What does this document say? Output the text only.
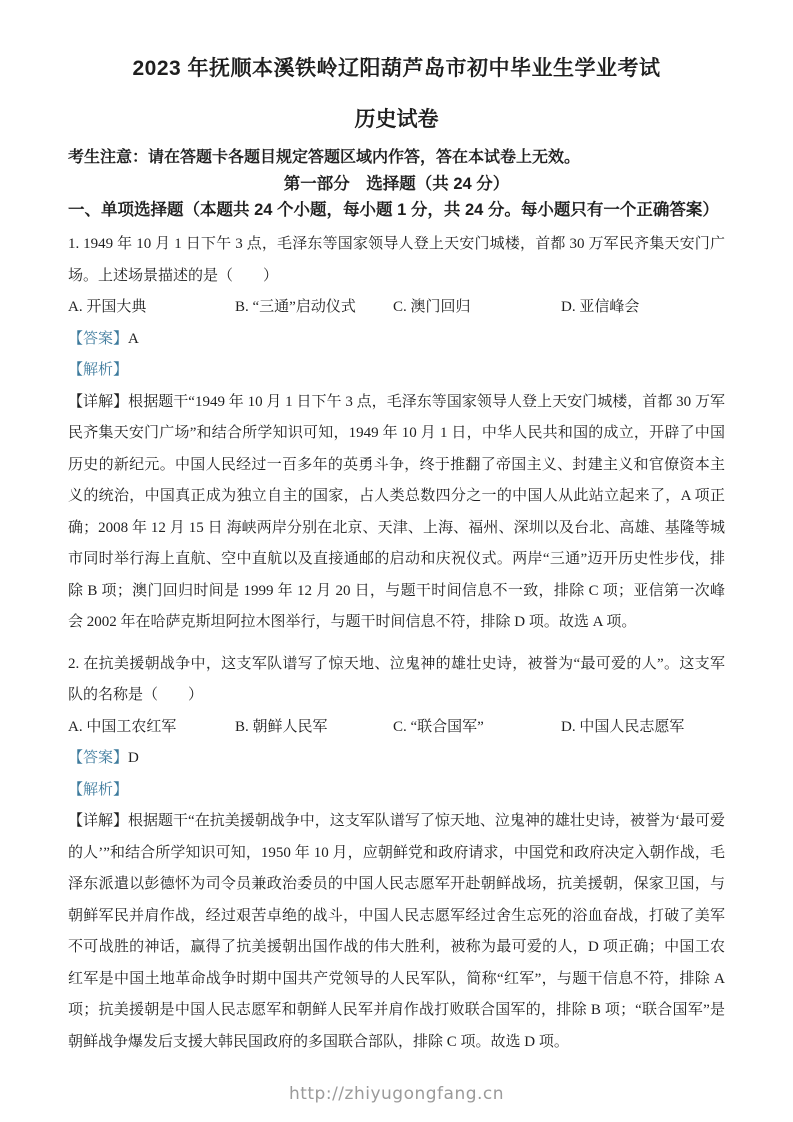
2023 年抚顺本溪铁岭辽阳葫芦岛市初中毕业生学业考试
历史试卷

考生注意：请在答题卡各题目规定答题区域内作答，答在本试卷上无效。

第一部分　选择题（共 24 分）

一、单项选择题（本题共 24 个小题，每小题 1 分，共 24 分。每小题只有一个正确答案）

1. 1949 年 10 月 1 日下午 3 点，毛泽东等国家领导人登上天安门城楼，首都 30 万军民齐集天安门广场。上述场景描述的是（　　）

A. 开国大典	B. “三通”启动仪式	C. 澳门回归	D. 亚信峰会

【答案】A

【解析】

【详解】根据题干“1949 年 10 月 1 日下午 3 点，毛泽东等国家领导人登上天安门城楼，首都 30 万军民齐集天安门广场”和结合所学知识可知，1949 年 10 月 1 日，中华人民共和国的成立，开辟了中国历史的新纪元。中国人民经过一百多年的英勇斗争，终于推翻了帝国主义、封建主义和官僚资本主义的统治，中国真正成为独立自主的国家，占人类总数四分之一的中国人从此站立起来了，A 项正确；2008 年 12 月 15 日 海峡两岸分别在北京、天津、上海、福州、深圳以及台北、高雄、基隆等城市同时举行海上直航、空中直航以及直接通邮的启动和庆祝仪式。两岸“三通”迈开历史性步伐，排除 B 项；澳门回归时间是 1999 年 12 月 20 日，与题干时间信息不一致，排除 C 项；亚信第一次峰会 2002 年在哈萨克斯坦阿拉木图举行，与题干时间信息不符，排除 D 项。故选 A 项。

2. 在抗美援朝战争中，这支军队谱写了惊天地、泣鬼神的雄壮史诗，被誉为“最可爱的人”。这支军队的名称是（　　）

A. 中国工农红军	B. 朝鲜人民军	C. “联合国军”	D. 中国人民志愿军

【答案】D

【解析】

【详解】根据题干“在抗美援朝战争中，这支军队谱写了惊天地、泣鬼神的雄壮史诗，被誉为‘最可爱的人’”和结合所学知识可知，1950 年 10 月，应朝鲜党和政府请求，中国党和政府决定入朝作战，毛泽东派遣以彭德怀为司令员兼政治委员的中国人民志愿军开赴朝鲜战场，抗美援朝，保家卫国，与朝鲜军民并肩作战，经过艰苦卓绝的战斗，中国人民志愿军经过舍生忘死的浴血奋战，打破了美军不可战胜的神话，赢得了抗美援朝出国作战的伟大胜利，被称为最可爱的人，D 项正确；中国工农红军是中国土地革命战争时期中国共产党领导的人民军队，简称“红军”，与题干信息不符，排除 A 项；抗美援朝是中国人民志愿军和朝鲜人民军并肩作战打败联合国军的，排除 B 项；“联合国军”是朝鲜战争爆发后支援大韩民国政府的多国联合部队，排除 C 项。故选 D 项。

http://zhiyugongfang.cn
